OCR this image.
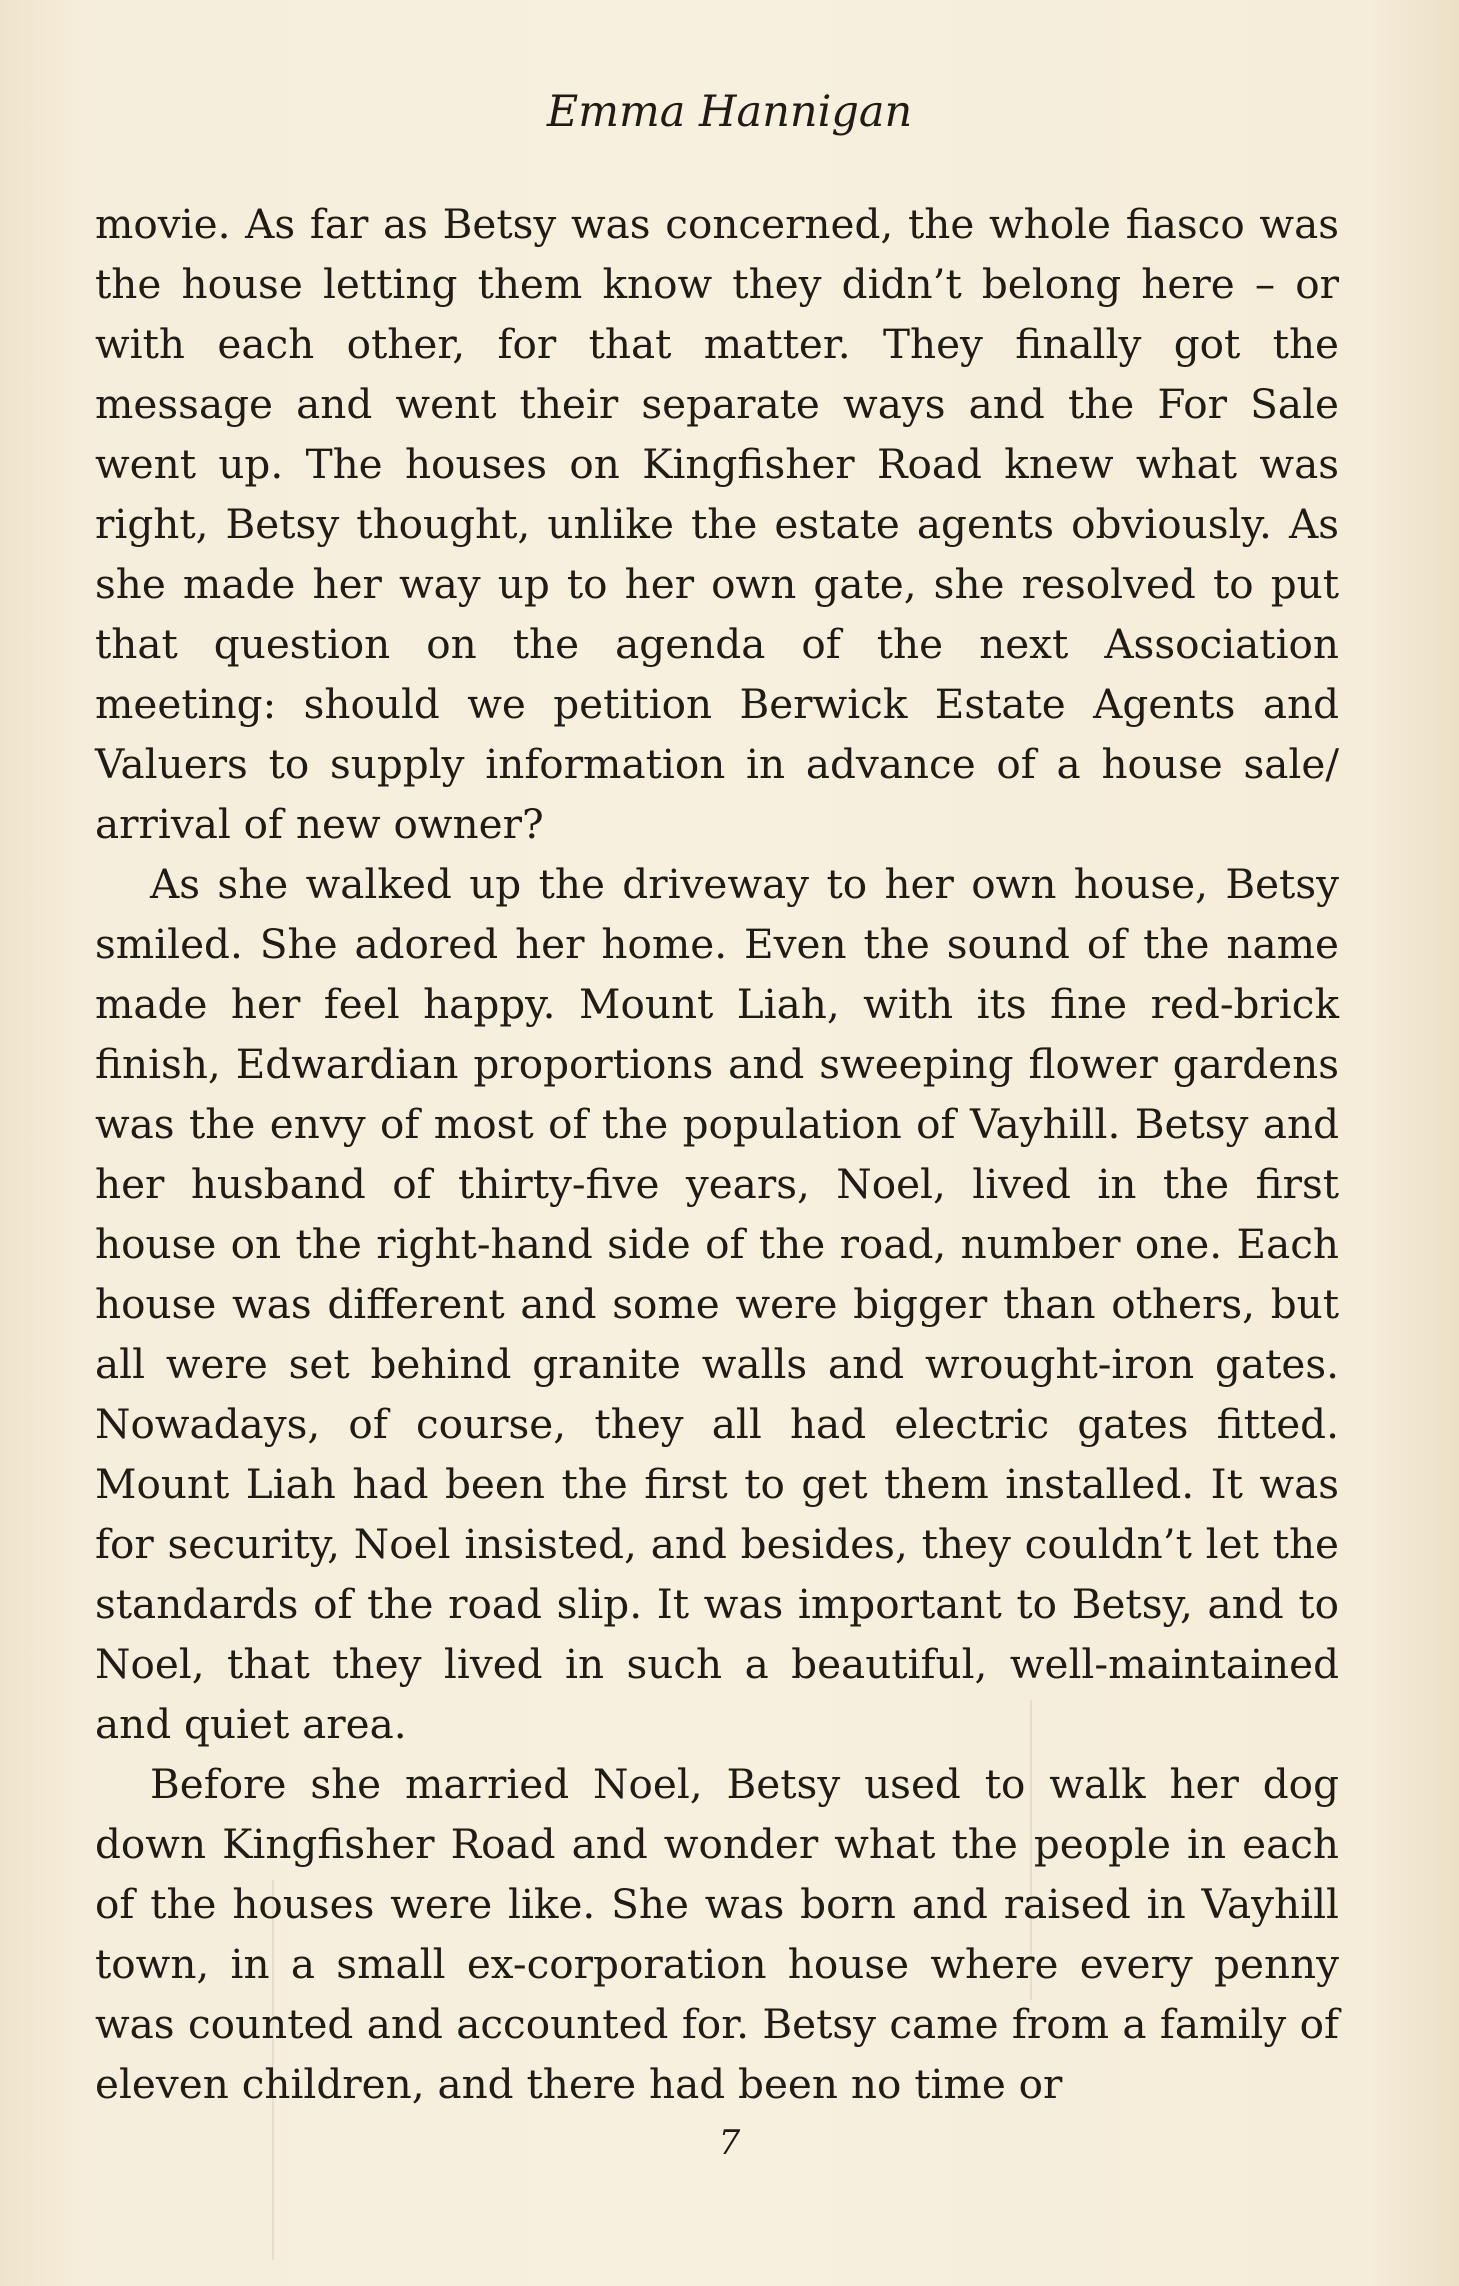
Emma Hannigan

movie. As far as Betsy was concerned, the whole fiasco was the house letting them know they didn’t belong here – or with each other, for that matter. They finally got the message and went their separate ways and the For Sale went up. The houses on Kingfisher Road knew what was right, Betsy thought, unlike the estate agents obviously. As she made her way up to her own gate, she resolved to put that question on the agenda of the next Association meeting: should we petition Berwick Estate Agents and Valuers to supply information in advance of a house sale/ arrival of new owner?

As she walked up the driveway to her own house, Betsy smiled. She adored her home. Even the sound of the name made her feel happy. Mount Liah, with its fine red-brick finish, Edwardian proportions and sweeping flower gardens was the envy of most of the population of Vayhill. Betsy and her husband of thirty-five years, Noel, lived in the first house on the right-hand side of the road, number one. Each house was different and some were bigger than others, but all were set behind granite walls and wrought-iron gates. Nowadays, of course, they all had electric gates fitted. Mount Liah had been the first to get them installed. It was for security, Noel insisted, and besides, they couldn’t let the standards of the road slip. It was important to Betsy, and to Noel, that they lived in such a beautiful, well-maintained and quiet area.

Before she married Noel, Betsy used to walk her dog down Kingfisher Road and wonder what the people in each of the houses were like. She was born and raised in Vayhill town, in a small ex-corporation house where every penny was counted and accounted for. Betsy came from a family of eleven children, and there had been no time or

7
